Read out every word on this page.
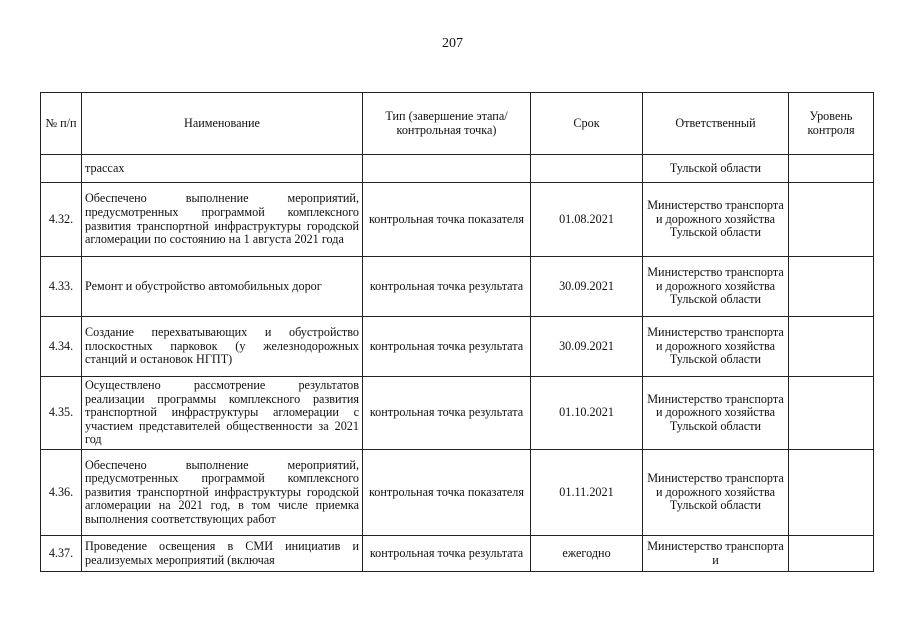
207
№ п/п	Наименование	Тип (завершение этапа/контрольная точка)	Срок	Ответственный	Уровень контроля
	трассах			Тульской области	
4.32.	Обеспечено выполнение мероприятий, предусмотренных программой комплексного развития транспортной инфраструктуры городской агломерации по состоянию на 1 августа 2021 года	контрольная точка показателя	01.08.2021	Министерство транспорта и дорожного хозяйства Тульской области	
4.33.	Ремонт и обустройство автомобильных дорог	контрольная точка результата	30.09.2021	Министерство транспорта и дорожного хозяйства Тульской области	
4.34.	Создание перехватывающих и обустройство плоскостных парковок (у железнодорожных станций и остановок НГПТ)	контрольная точка результата	30.09.2021	Министерство транспорта и дорожного хозяйства Тульской области	
4.35.	Осуществлено рассмотрение результатов реализации программы комплексного развития транспортной инфраструктуры агломерации с участием представителей общественности за 2021 год	контрольная точка результата	01.10.2021	Министерство транспорта и дорожного хозяйства Тульской области	
4.36.	Обеспечено выполнение мероприятий, предусмотренных программой комплексного развития транспортной инфраструктуры городской агломерации на 2021 год, в том числе приемка выполнения соответствующих работ	контрольная точка показателя	01.11.2021	Министерство транспорта и дорожного хозяйства Тульской области	
4.37.	Проведение освещения в СМИ инициатив и реализуемых мероприятий (включая	контрольная точка результата	ежегодно	Министерство транспорта и	
